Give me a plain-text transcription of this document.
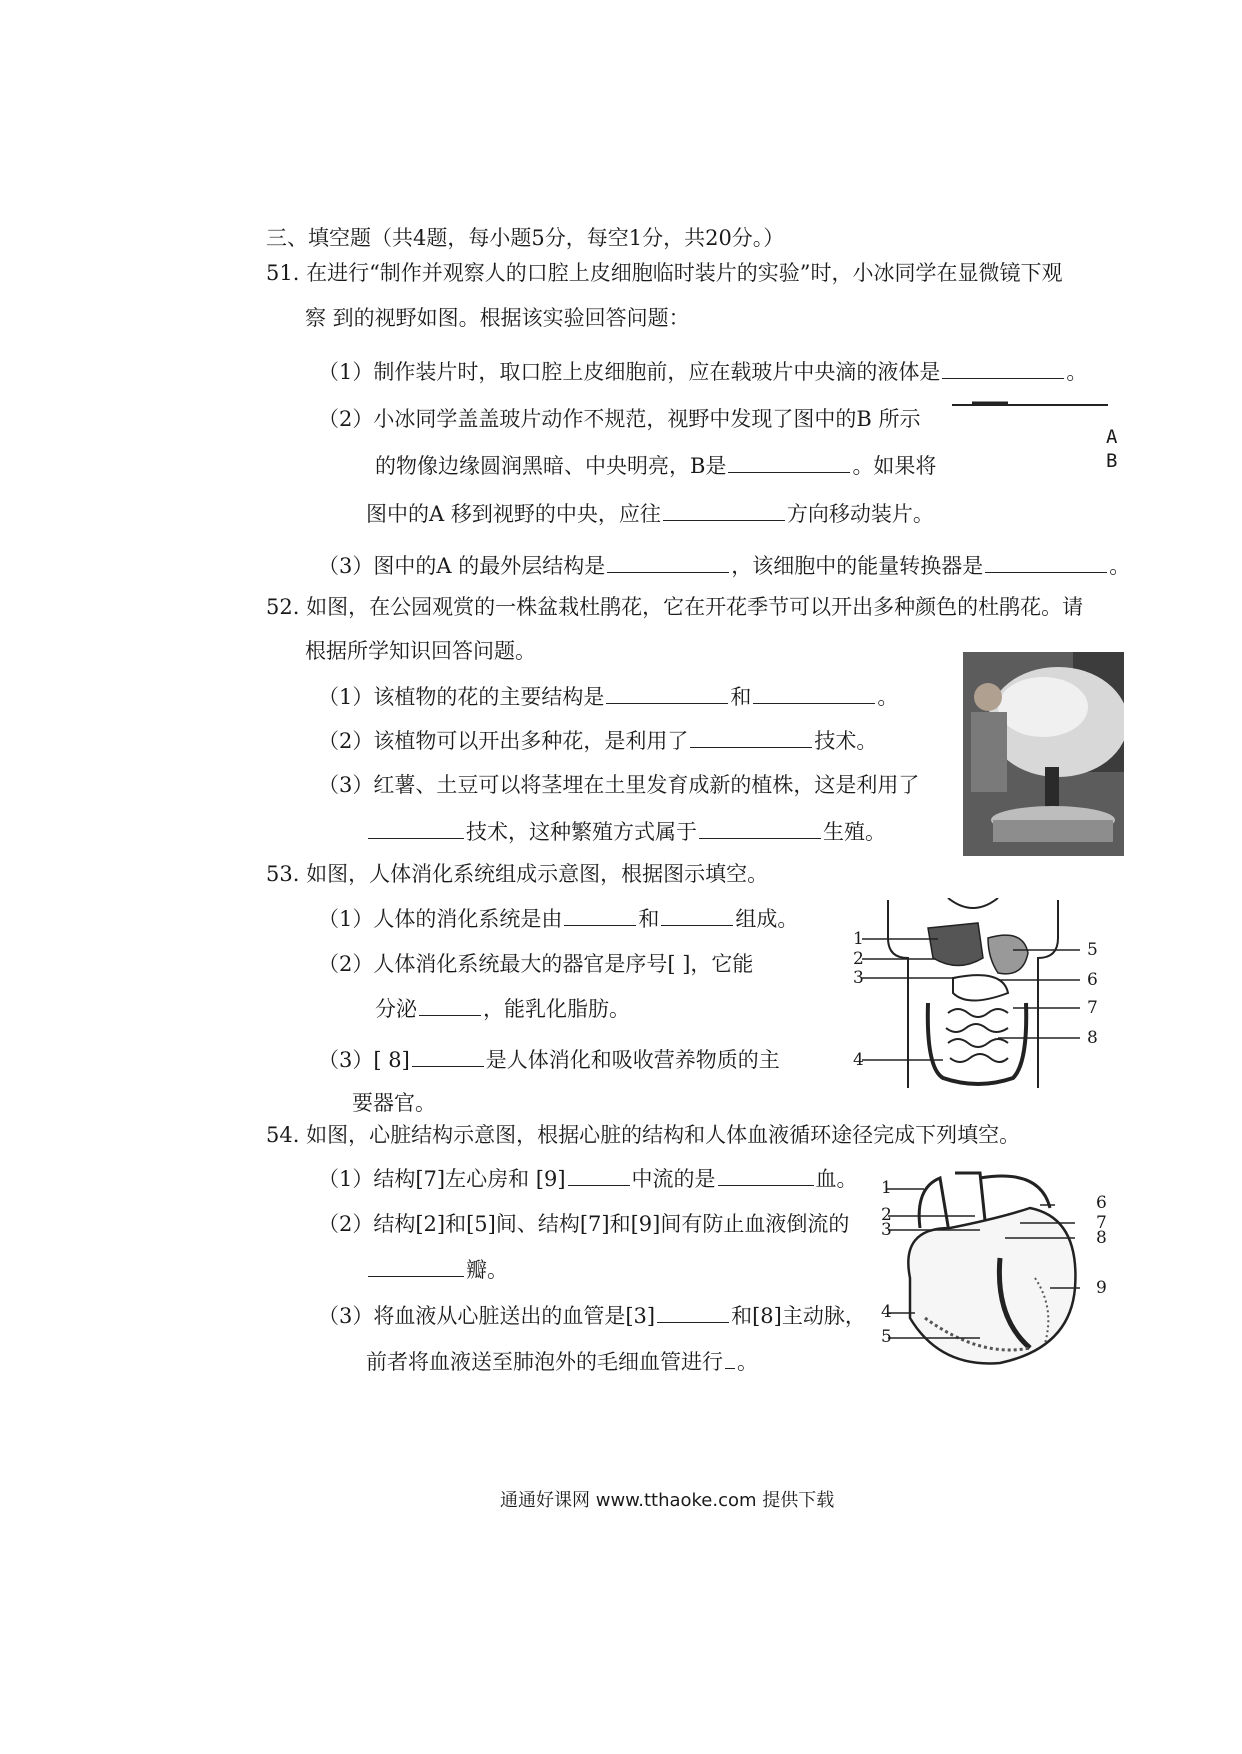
三、填空题（共4题，每小题5分，每空1分，共20分。）
51. 在进行“制作并观察人的口腔上皮细胞临时装片的实验”时，小冰同学在显微镜下观
察 到的视野如图。根据该实验回答问题：
（1）制作装片时，取口腔上皮细胞前，应在载玻片中央滴的液体是	。
（2）小冰同学盖盖玻片动作不规范，视野中发现了图中的B 所示
的物像边缘圆润黑暗、中央明亮，B是	。如果将
图中的A 移到视野的中央，应往	方向移动装片。
（3）图中的A 的最外层结构是	，该细胞中的能量转换器是	。
A
B
52. 如图，在公园观赏的一株盆栽杜鹃花，它在开花季节可以开出多种颜色的杜鹃花。请
根据所学知识回答问题。
（1）该植物的花的主要结构是	和	。
（2）该植物可以开出多种花，是利用了	技术。
（3）红薯、土豆可以将茎埋在土里发育成新的植株，这是利用了
技术，这种繁殖方式属于	生殖。
53. 如图，人体消化系统组成示意图，根据图示填空。
（1）人体的消化系统是由	和	组成。
（2）人体消化系统最大的器官是序号[ ]，它能
分泌	，能乳化脂肪。
（3）[ 8]	是人体消化和吸收营养物质的主
要器官。
1
2
3
4
5
6
7
8
54. 如图，心脏结构示意图，根据心脏的结构和人体血液循环途径完成下列填空。
（1）结构[7]左心房和 [9]	中流的是	血。
（2）结构[2]和[5]间、结构[7]和[9]间有防止血液倒流的
瓣。
（3）将血液从心脏送出的血管是[3]	和[8]主动脉，
前者将血液送至肺泡外的毛细血管进行 。
1
2
3
4
5
6
7
8
9
通通好课网 www.tthaoke.com 提供下载
